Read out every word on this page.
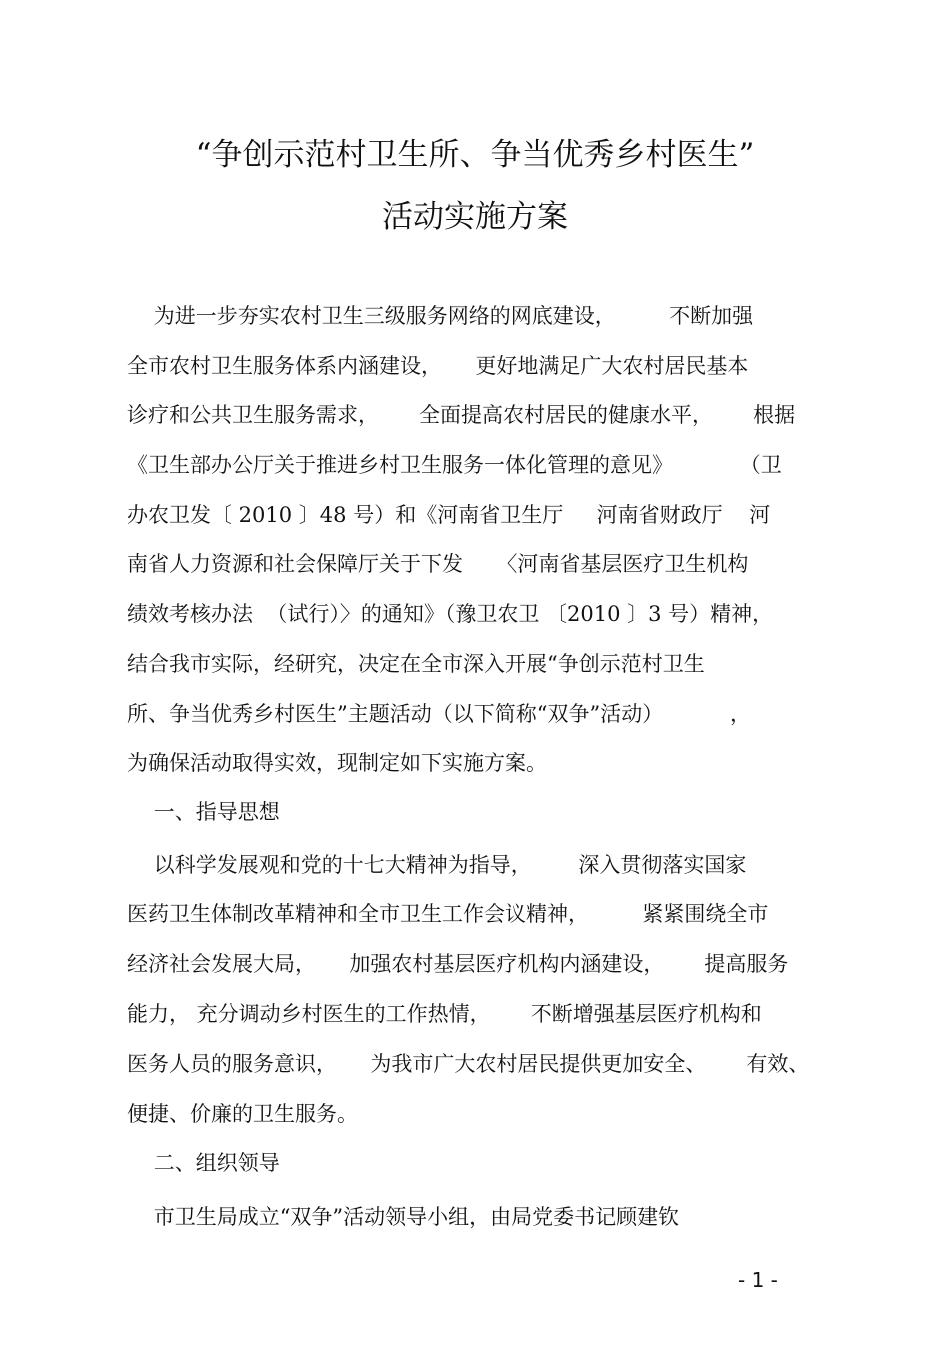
“争创示范村卫生所、争当优秀乡村医生”
活动实施方案
为进一步夯实农村卫生三级服务网络的网底建设，        不断加强
全市农村卫生服务体系内涵建设，     更好地满足广大农村居民基本
诊疗和公共卫生服务需求，      全面提高农村居民的健康水平，      根据
《卫生部办公厅关于推进乡村卫生服务一体化管理的意见》          （卫
办农卫发〔 2010 〕48 号）和《河南省卫生厅     河南省财政厅    河
南省人力资源和社会保障厅关于下发     〈河南省基层医疗卫生机构
绩效考核办法  （试行）〉的通知》（豫卫农卫 〔2010 〕3 号）精神，
结合我市实际，经研究，决定在全市深入开展“争创示范村卫生
所、争当优秀乡村医生”主题活动（以下简称“双争”活动）          ，
为确保活动取得实效，现制定如下实施方案。
一、指导思想
以科学发展观和党的十七大精神为指导，       深入贯彻落实国家
医药卫生体制改革精神和全市卫生工作会议精神，        紧紧围绕全市
经济社会发展大局，     加强农村基层医疗机构内涵建设，      提高服务
能力， 充分调动乡村医生的工作热情，      不断增强基层医疗机构和
医务人员的服务意识，     为我市广大农村居民提供更加安全、      有效、
便捷、价廉的卫生服务。
二、组织领导
市卫生局成立“双争”活动领导小组，由局党委书记顾建钦
- 1 -
